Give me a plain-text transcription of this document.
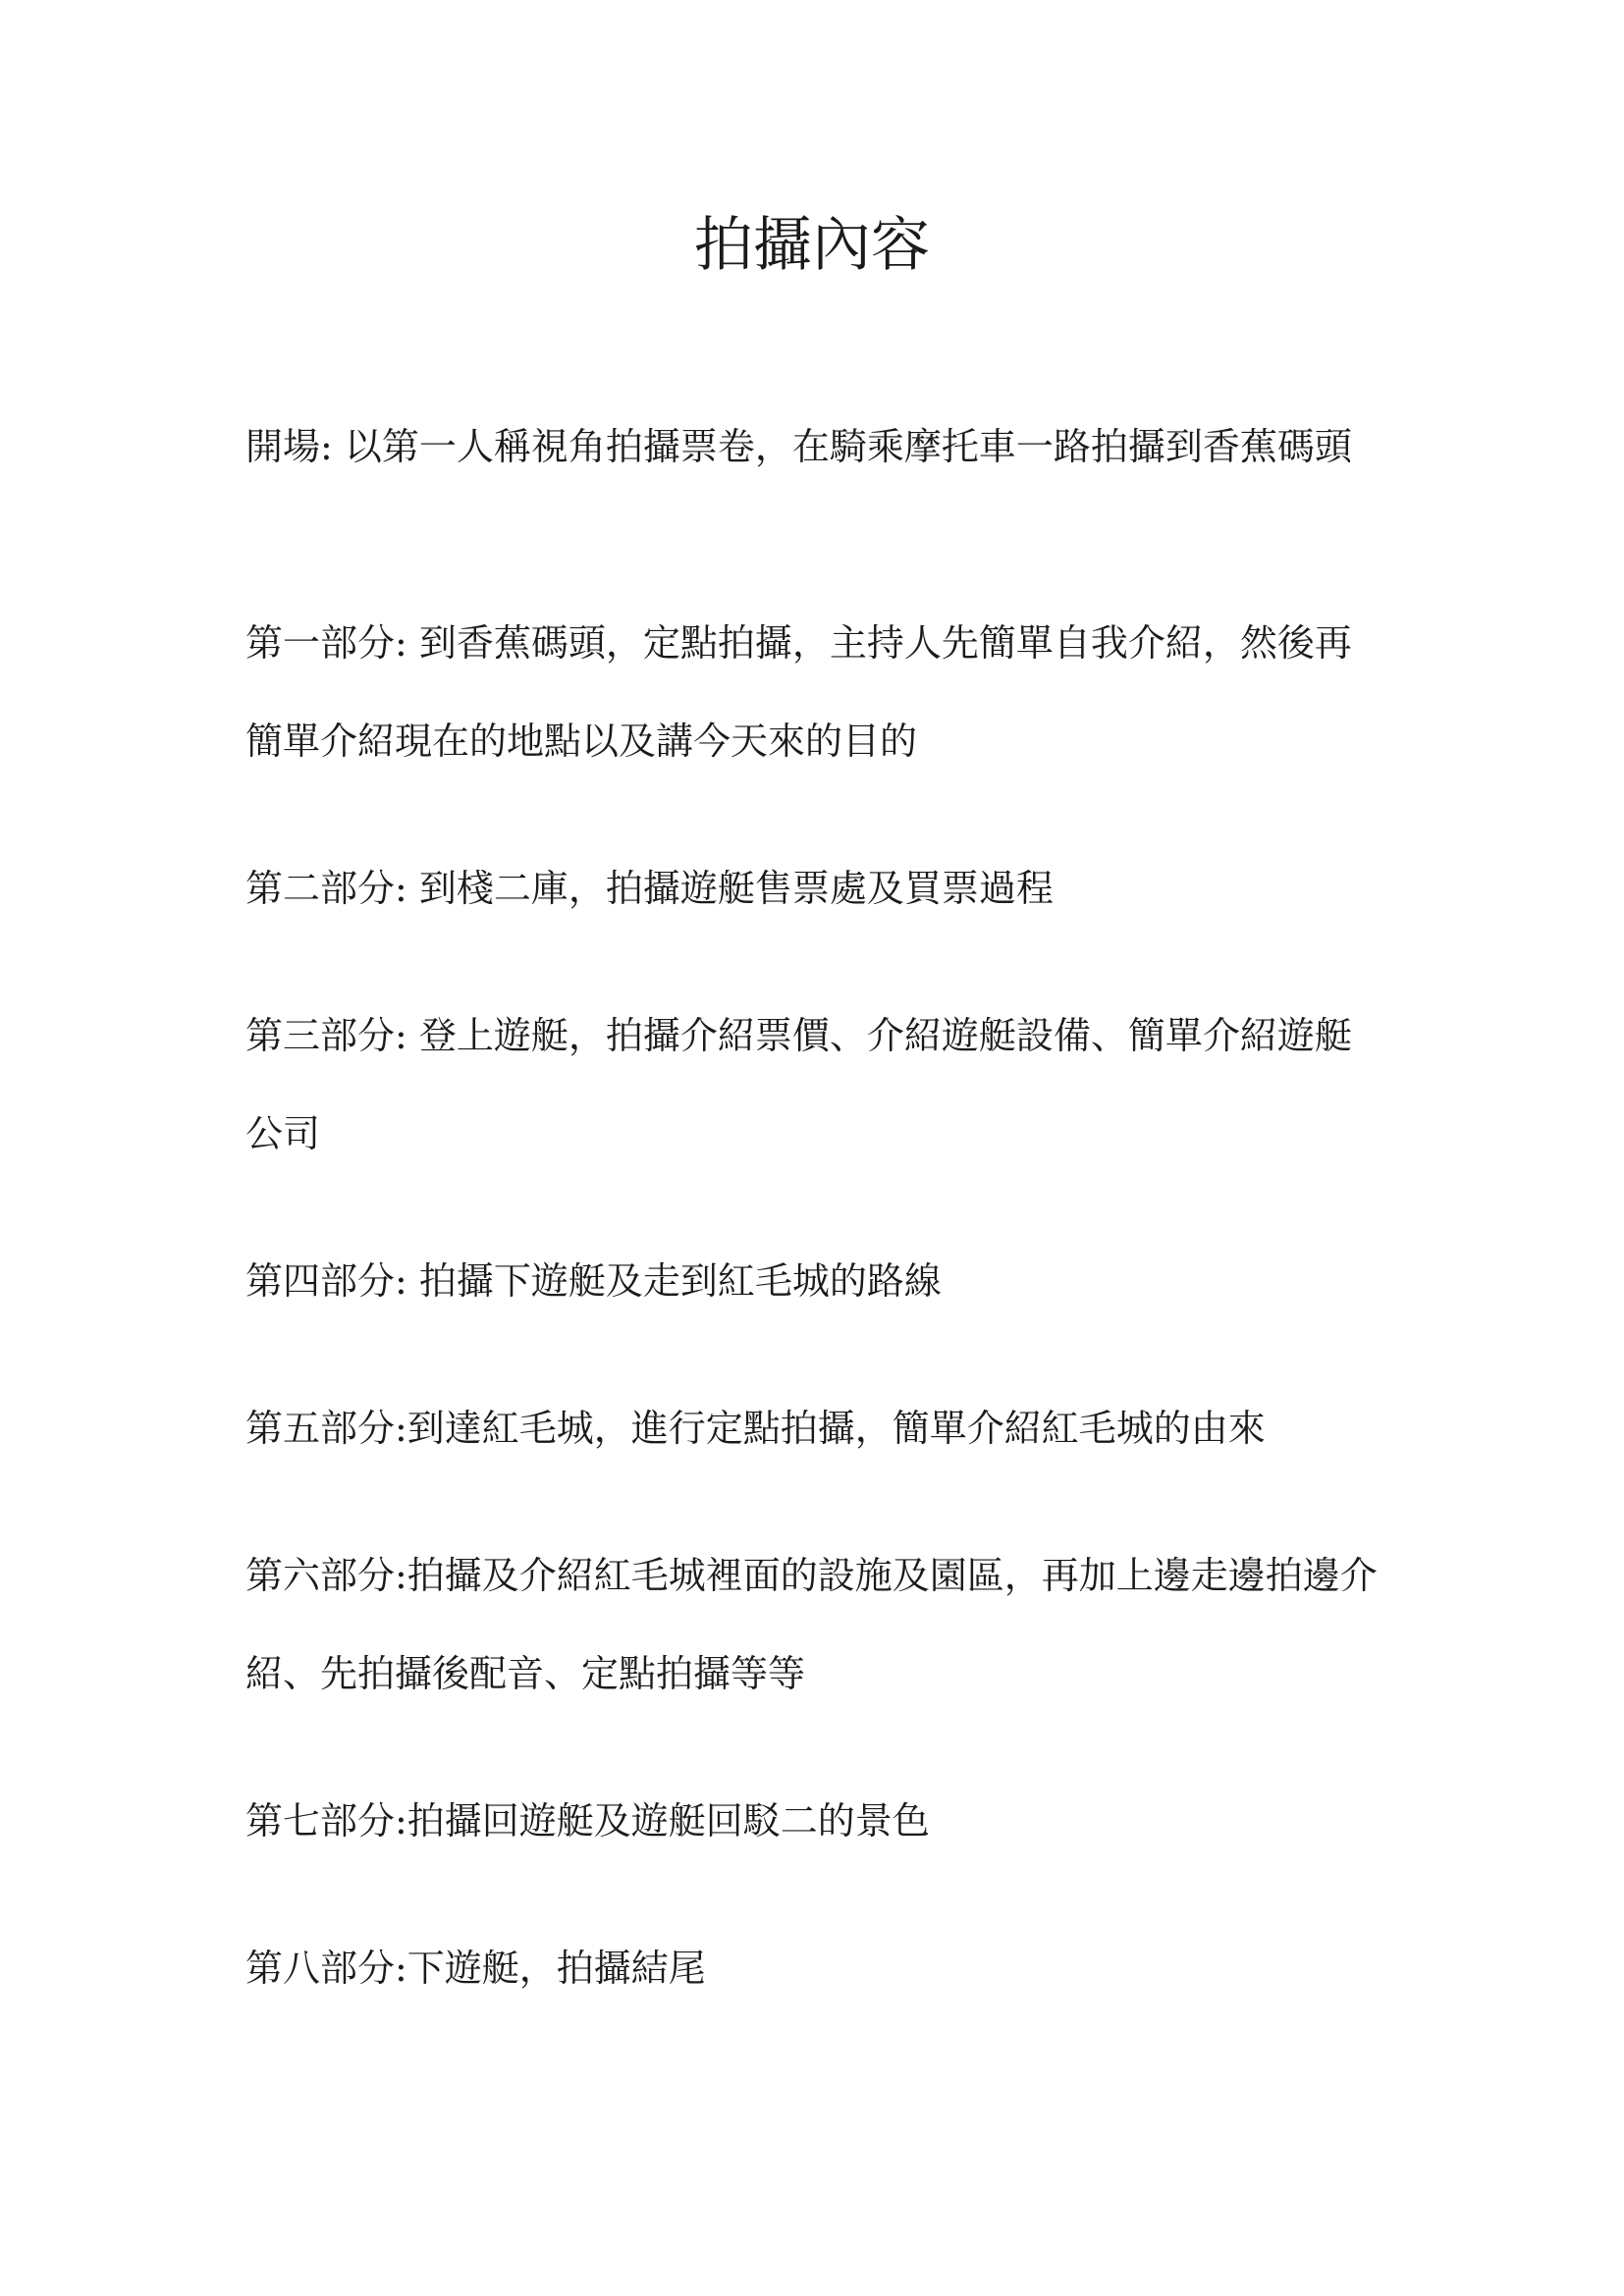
拍攝內容

開場: 以第一人稱視角拍攝票卷，在騎乘摩托車一路拍攝到香蕉碼頭

第一部分: 到香蕉碼頭，定點拍攝，主持人先簡單自我介紹，然後再簡單介紹現在的地點以及講今天來的目的

第二部分: 到棧二庫，拍攝遊艇售票處及買票過程

第三部分: 登上遊艇，拍攝介紹票價、介紹遊艇設備、簡單介紹遊艇公司

第四部分: 拍攝下遊艇及走到紅毛城的路線

第五部分:到達紅毛城，進行定點拍攝，簡單介紹紅毛城的由來

第六部分:拍攝及介紹紅毛城裡面的設施及園區，再加上邊走邊拍邊介紹、先拍攝後配音、定點拍攝等等

第七部分:拍攝回遊艇及遊艇回駁二的景色

第八部分:下遊艇，拍攝結尾
